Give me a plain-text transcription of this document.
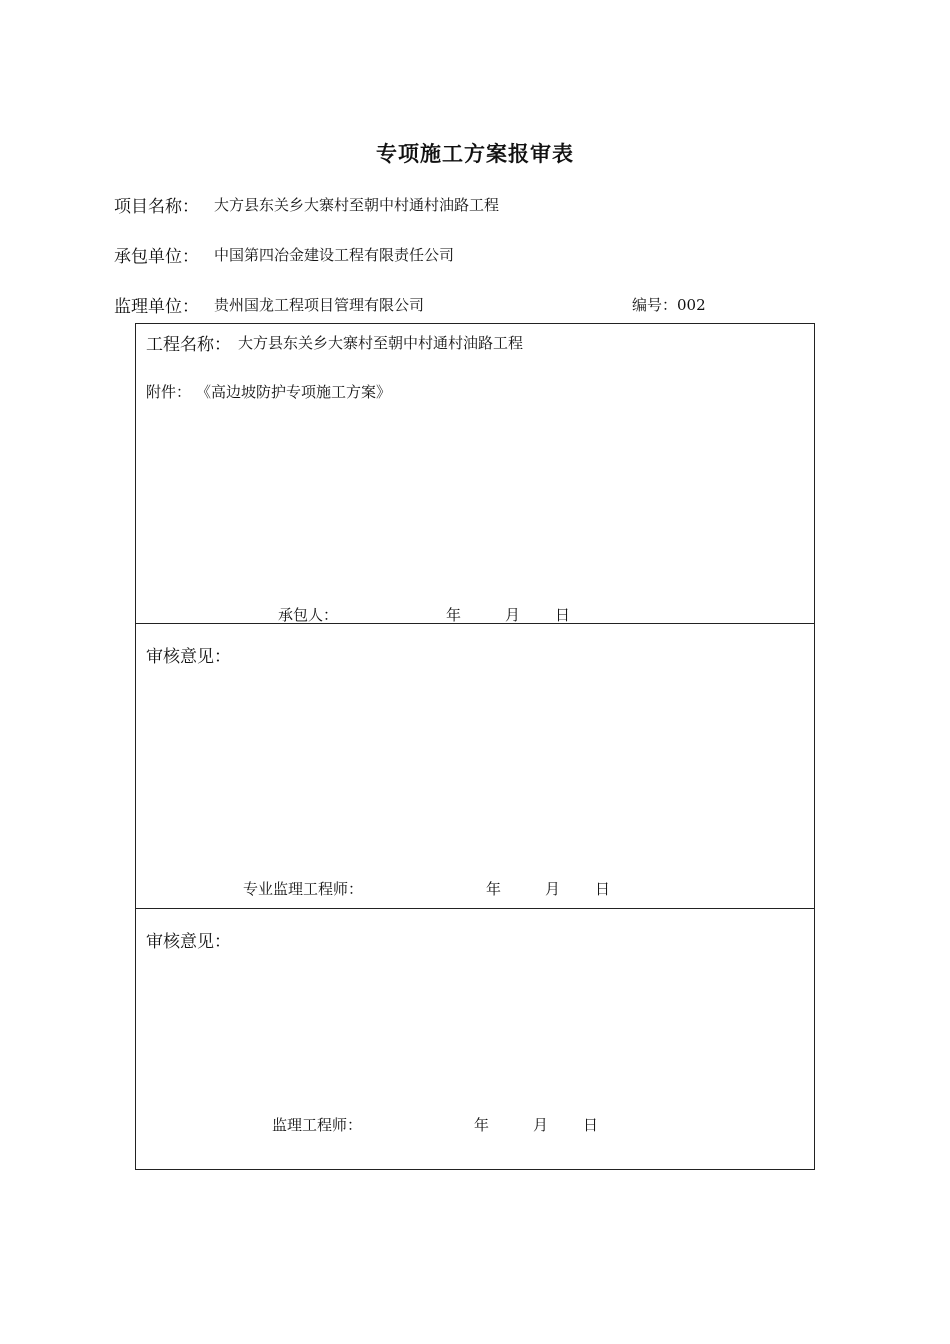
专项施工方案报审表
项目名称： 大方县东关乡大寨村至朝中村通村油路工程
承包单位： 中国第四冶金建设工程有限责任公司
监理单位： 贵州国龙工程项目管理有限公司	编号：002
工程名称： 大方县东关乡大寨村至朝中村通村油路工程
附件： 《高边坡防护专项施工方案》
承包人：	年	月 日
审核意见：
专业监理工程师：	年	月 日
审核意见：
监理工程师：	年	月 日
